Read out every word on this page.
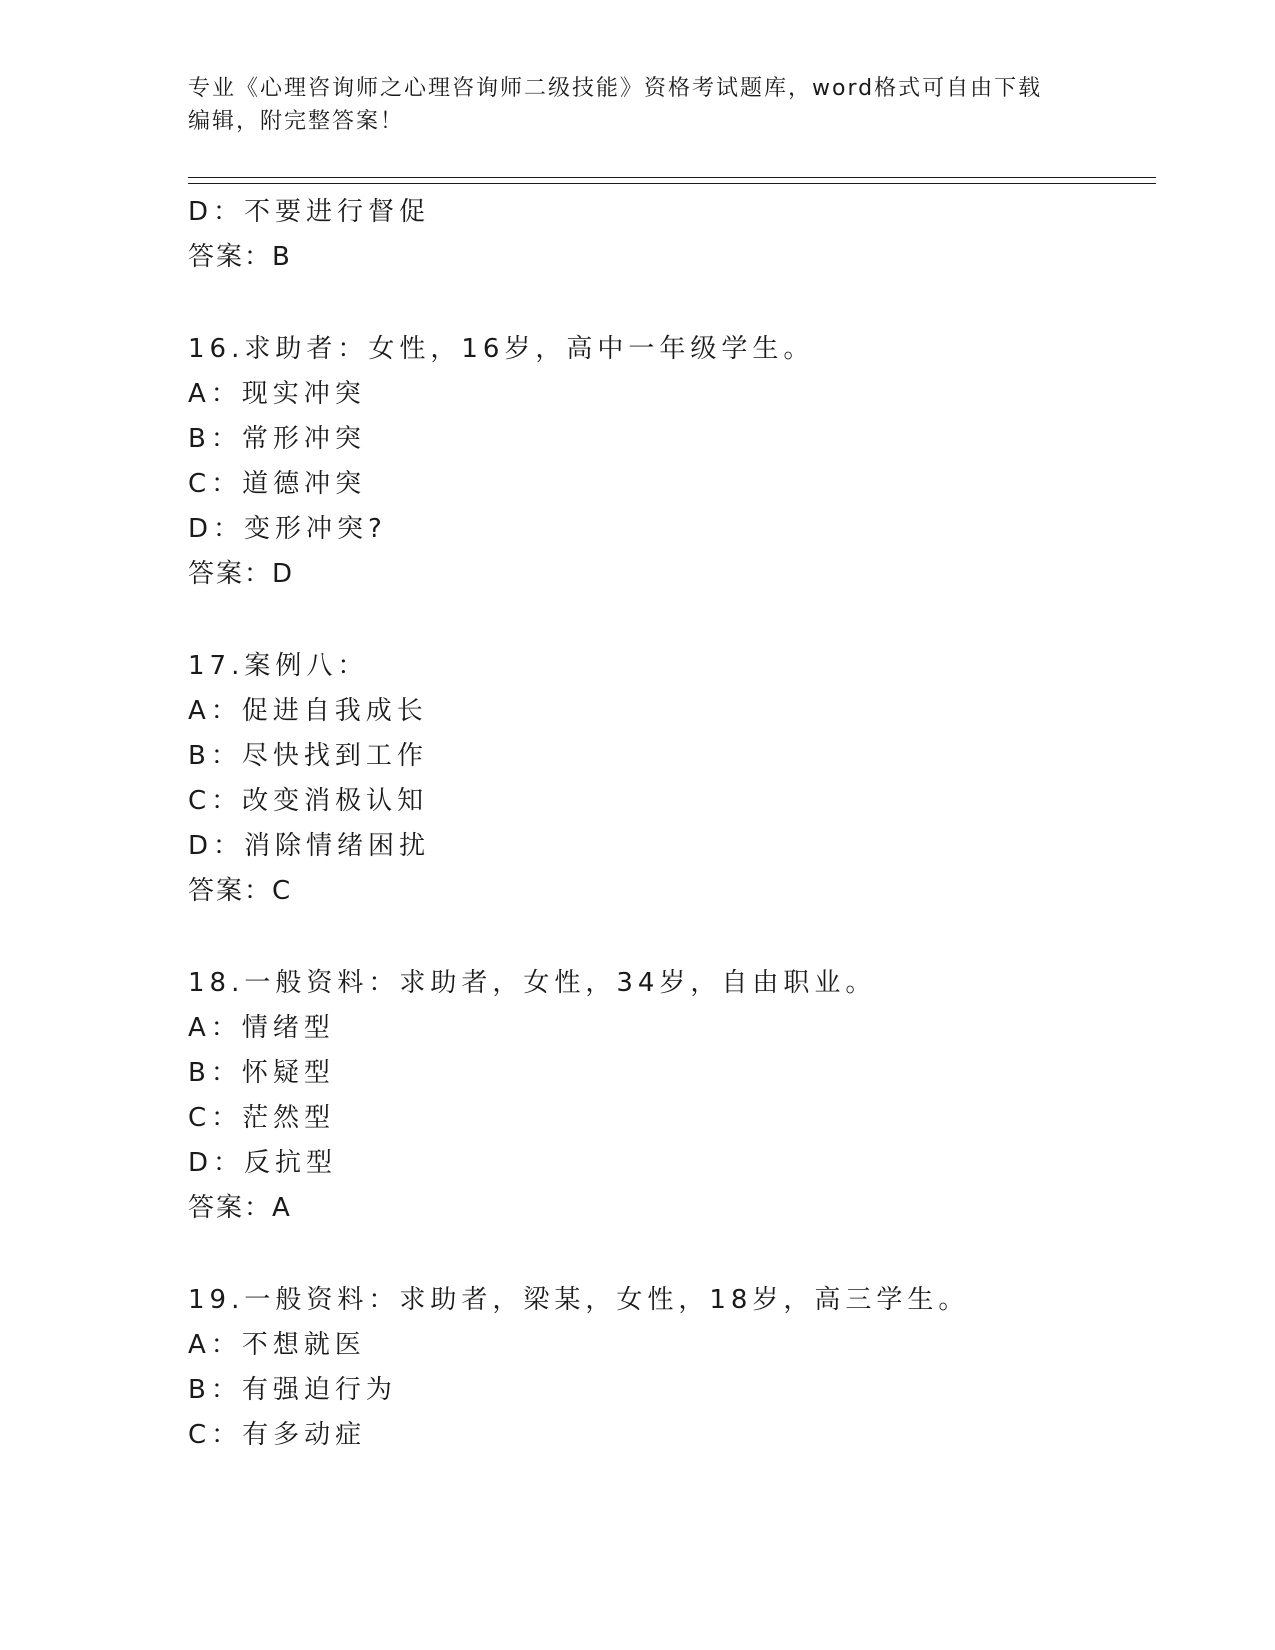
专业《心理咨询师之心理咨询师二级技能》资格考试题库，word格式可自由下载
编辑，附完整答案！
D：不要进行督促
答案：B
16.求助者：女性，16岁，高中一年级学生。
A：现实冲突
B：常形冲突
C：道德冲突
D：变形冲突?
答案：D
17.案例八：
A：促进自我成长
B：尽快找到工作
C：改变消极认知
D：消除情绪困扰
答案：C
18.一般资料：求助者，女性，34岁，自由职业。
A：情绪型
B：怀疑型
C：茫然型
D：反抗型
答案：A
19.一般资料：求助者，梁某，女性，18岁，高三学生。
A：不想就医
B：有强迫行为
C：有多动症
